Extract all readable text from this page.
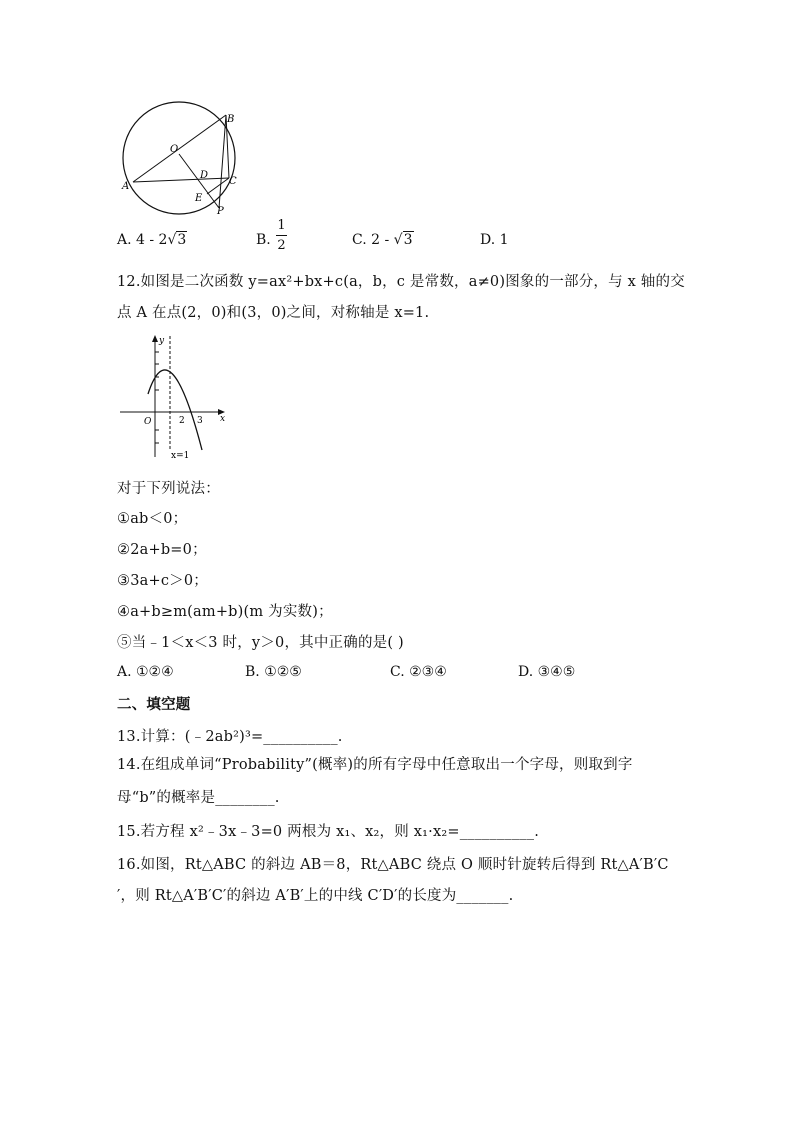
A
B
C
O
D
E
P
A. 4 - 2√3	B.
1
2	C. 2 - √3	D. 1
12.如图是二次函数 y=ax²+bx+c(a，b，c 是常数，a≠0)图象的一部分，与 x 轴的交
点 A 在点(2，0)和(3，0)之间，对称轴是 x=1.
y
x
O	2 3
x=1
对于下列说法：
①ab＜0；
②2a+b=0；
③3a+c＞0；
④a+b≥m(am+b)(m 为实数)；
⑤当﹣1＜x＜3 时，y＞0，其中正确的是( )
A. ①②④	B. ①②⑤	C. ②③④	D. ③④⑤
二、填空题
13.计算：(﹣2ab²)³=__________.
14.在组成单词“Probability”(概率)的所有字母中任意取出一个字母，则取到字
母“b”的概率是________.
15.若方程 x²﹣3x﹣3=0 两根为 x₁、x₂，则 x₁·x₂=__________.
16.如图，Rt△ABC 的斜边 AB＝8，Rt△ABC 绕点 O 顺时针旋转后得到 Rt△A′B′C
′，则 Rt△A′B′C′的斜边 A′B′上的中线 C′D′的长度为_______.
